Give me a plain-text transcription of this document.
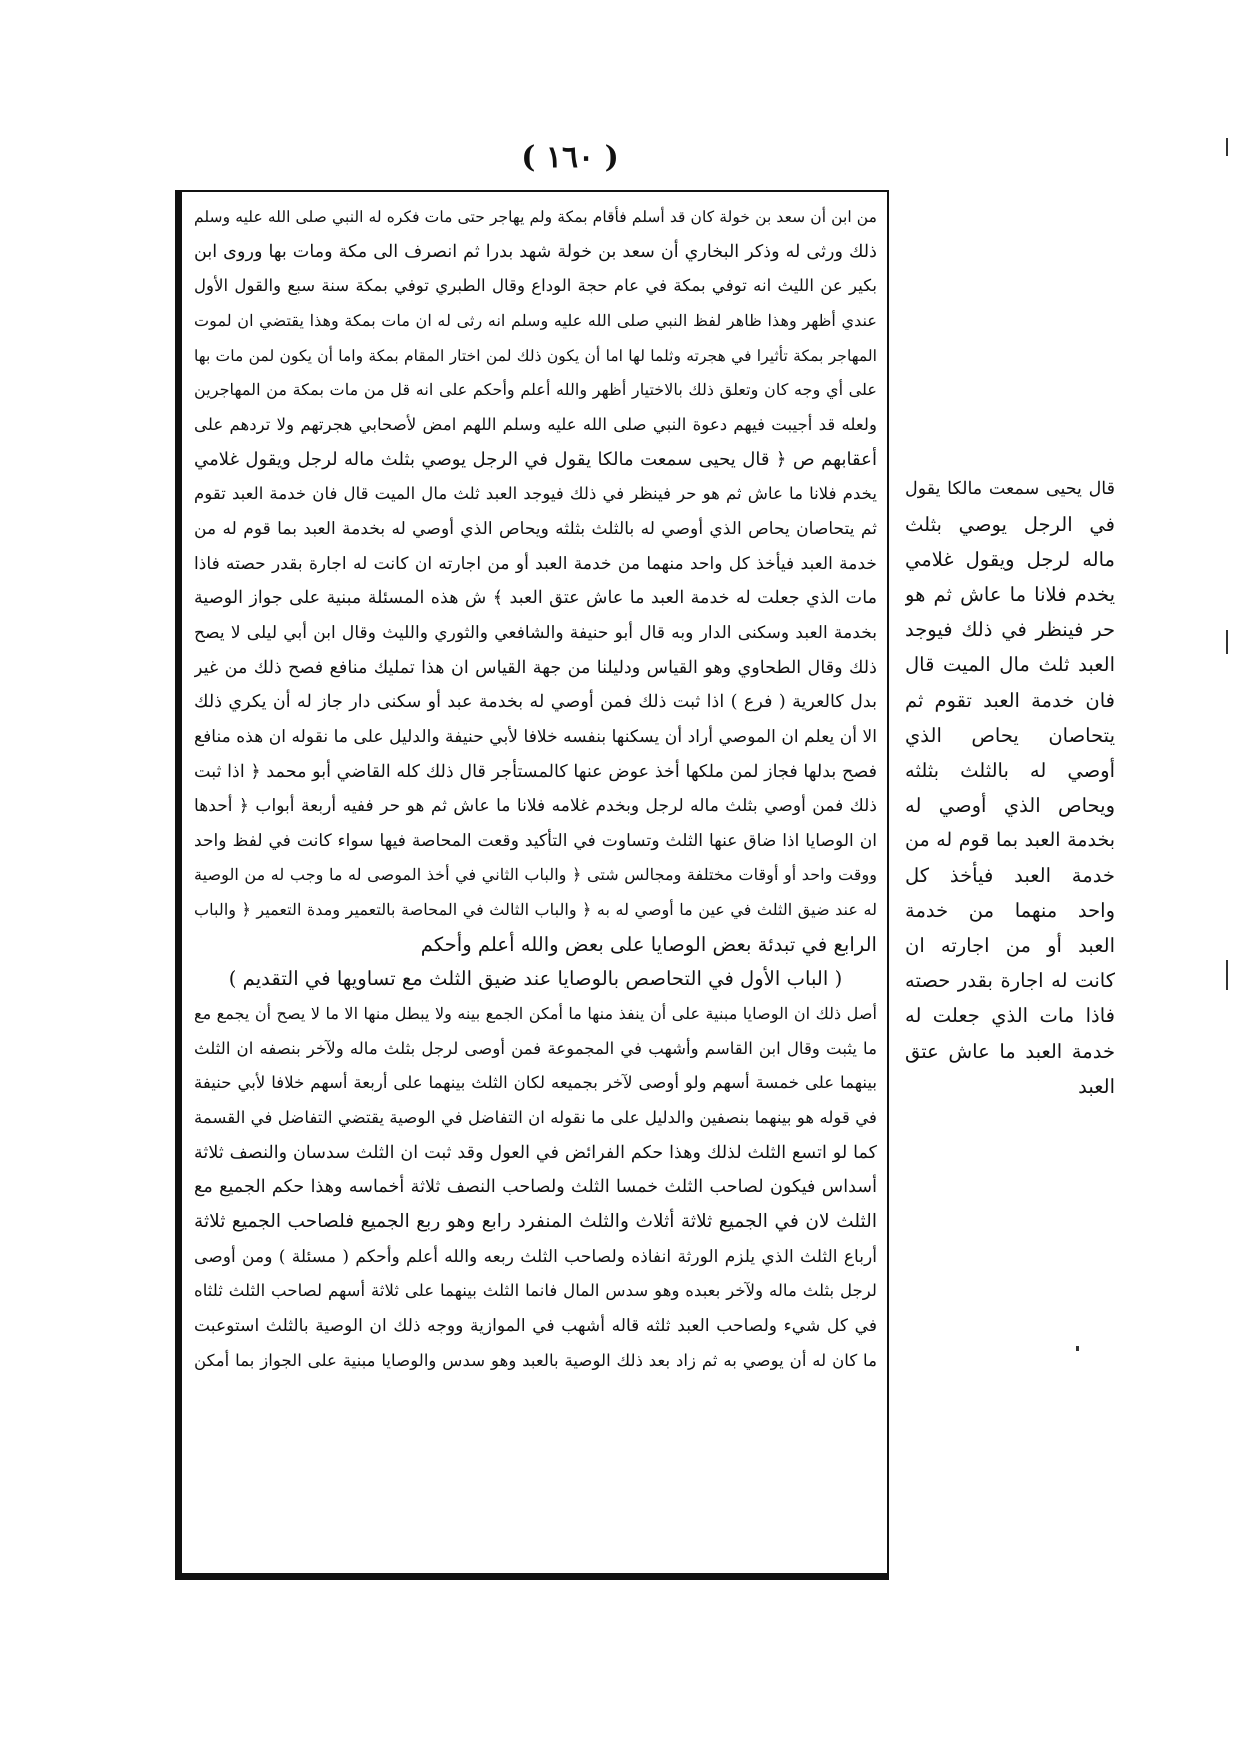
( ١٦٠ )
من ابن أن سعد بن خولة كان قد أسلم فأقام بمكة ولم يهاجر حتى مات فكره له النبي صلى الله عليه وسلم
ذلك ورثى له وذكر البخاري أن سعد بن خولة شهد بدرا ثم انصرف الى مكة ومات بها وروى ابن
بكير عن الليث انه توفي بمكة في عام حجة الوداع وقال الطبري توفي بمكة سنة سبع والقول الأول
عندي أظهر وهذا ظاهر لفظ النبي صلى الله عليه وسلم انه رثى له ان مات بمكة وهذا يقتضي ان لموت
المهاجر بمكة تأثيرا في هجرته وثلما لها اما أن يكون ذلك لمن اختار المقام بمكة واما أن يكون لمن مات بها
على أي وجه كان وتعلق ذلك بالاختيار أظهر والله أعلم وأحكم على انه قل من مات بمكة من المهاجرين
ولعله قد أجيبت فيهم دعوة النبي صلى الله عليه وسلم اللهم امض لأصحابي هجرتهم ولا تردهم على
أعقابهم ص ﴿ قال يحيى سمعت مالكا يقول في الرجل يوصي بثلث ماله لرجل ويقول غلامي
يخدم فلانا ما عاش ثم هو حر فينظر في ذلك فيوجد العبد ثلث مال الميت قال فان خدمة العبد تقوم
ثم يتحاصان يحاص الذي أوصي له بالثلث بثلثه ويحاص الذي أوصي له بخدمة العبد بما قوم له من
خدمة العبد فيأخذ كل واحد منهما من خدمة العبد أو من اجارته ان كانت له اجارة بقدر حصته فاذا
مات الذي جعلت له خدمة العبد ما عاش عتق العبد ﴾ ش هذه المسئلة مبنية على جواز الوصية
بخدمة العبد وسكنى الدار وبه قال أبو حنيفة والشافعي والثوري والليث وقال ابن أبي ليلى لا يصح
ذلك وقال الطحاوي وهو القياس ودليلنا من جهة القياس ان هذا تمليك منافع فصح ذلك من غير
بدل كالعرية ( فرع ) اذا ثبت ذلك فمن أوصي له بخدمة عبد أو سكنى دار جاز له أن يكري ذلك
الا أن يعلم ان الموصي أراد أن يسكنها بنفسه خلافا لأبي حنيفة والدليل على ما نقوله ان هذه منافع
فصح بدلها فجاز لمن ملكها أخذ عوض عنها كالمستأجر قال ذلك كله القاضي أبو محمد ﴿ اذا ثبت
ذلك فمن أوصي بثلث ماله لرجل وبخدم غلامه فلانا ما عاش ثم هو حر ففيه أربعة أبواب ﴿ أحدها
ان الوصايا اذا ضاق عنها الثلث وتساوت في التأكيد وقعت المحاصة فيها سواء كانت في لفظ واحد
ووقت واحد أو أوقات مختلفة ومجالس شتى ﴿ والباب الثاني في أخذ الموصى له ما وجب له من الوصية
له عند ضيق الثلث في عين ما أوصي له به ﴿ والباب الثالث في المحاصة بالتعمير ومدة التعمير ﴿ والباب
الرابع في تبدئة بعض الوصايا على بعض والله أعلم وأحكم
( الباب الأول في التحاصص بالوصايا عند ضيق الثلث مع تساويها في التقديم )
أصل ذلك ان الوصايا مبنية على أن ينفذ منها ما أمكن الجمع بينه ولا يبطل منها الا ما لا يصح أن يجمع مع
ما يثبت وقال ابن القاسم وأشهب في المجموعة فمن أوصى لرجل بثلث ماله ولآخر بنصفه ان الثلث
بينهما على خمسة أسهم ولو أوصى لآخر بجميعه لكان الثلث بينهما على أربعة أسهم خلافا لأبي حنيفة
في قوله هو بينهما بنصفين والدليل على ما نقوله ان التفاضل في الوصية يقتضي التفاضل في القسمة
كما لو اتسع الثلث لذلك وهذا حكم الفرائض في العول وقد ثبت ان الثلث سدسان والنصف ثلاثة
أسداس فيكون لصاحب الثلث خمسا الثلث ولصاحب النصف ثلاثة أخماسه وهذا حكم الجميع مع
الثلث لان في الجميع ثلاثة أثلاث والثلث المنفرد رابع وهو ربع الجميع فلصاحب الجميع ثلاثة
أرباع الثلث الذي يلزم الورثة انفاذه ولصاحب الثلث ربعه والله أعلم وأحكم ( مسئلة ) ومن أوصى
لرجل بثلث ماله ولآخر بعبده وهو سدس المال فانما الثلث بينهما على ثلاثة أسهم لصاحب الثلث ثلثاه
في كل شيء ولصاحب العبد ثلثه قاله أشهب في الموازية ووجه ذلك ان الوصية بالثلث استوعبت
ما كان له أن يوصي به ثم زاد بعد ذلك الوصية بالعبد وهو سدس والوصايا مبنية على الجواز بما أمكن
قال يحيى سمعت مالكا يقول
في الرجل يوصي بثلث
ماله لرجل ويقول غلامي
يخدم فلانا ما عاش ثم هو
حر فينظر في ذلك فيوجد
العبد ثلث مال الميت قال
فان خدمة العبد تقوم ثم
يتحاصان يحاص الذي
أوصي له بالثلث بثلثه
ويحاص الذي أوصي له
بخدمة العبد بما قوم له من
خدمة العبد فيأخذ كل
واحد منهما من خدمة
العبد أو من اجارته ان
كانت له اجارة بقدر حصته
فاذا مات الذي جعلت له
خدمة العبد ما عاش عتق
العبد
